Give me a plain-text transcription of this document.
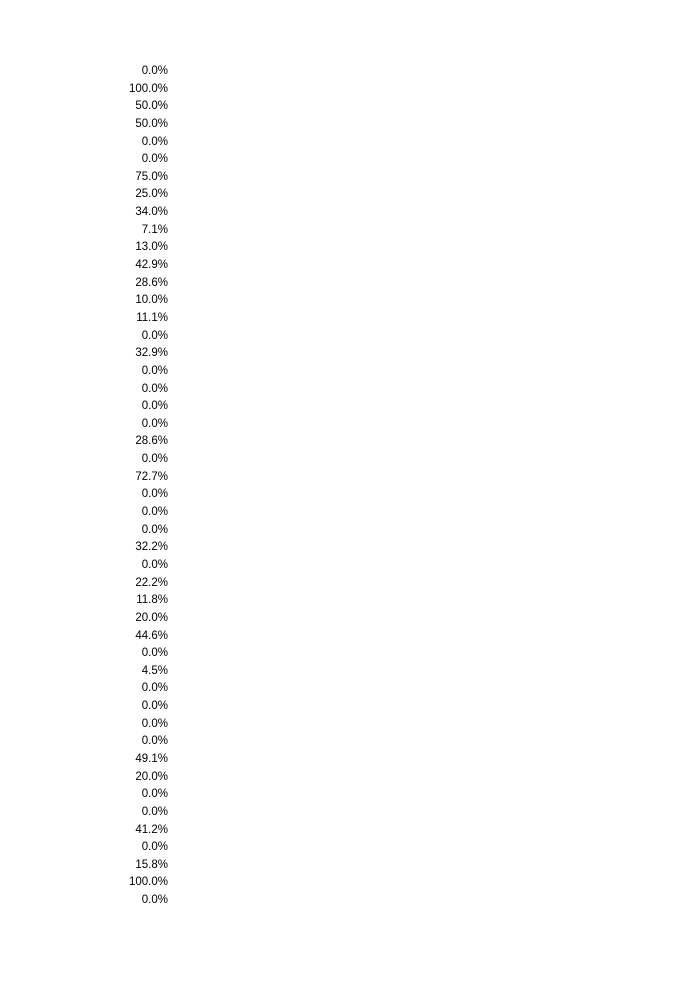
0.0%
100.0%
50.0%
50.0%
0.0%
0.0%
75.0%
25.0%
34.0%
7.1%
13.0%
42.9%
28.6%
10.0%
11.1%
0.0%
32.9%
0.0%
0.0%
0.0%
0.0%
28.6%
0.0%
72.7%
0.0%
0.0%
0.0%
32.2%
0.0%
22.2%
11.8%
20.0%
44.6%
0.0%
4.5%
0.0%
0.0%
0.0%
0.0%
49.1%
20.0%
0.0%
0.0%
41.2%
0.0%
15.8%
100.0%
0.0%
